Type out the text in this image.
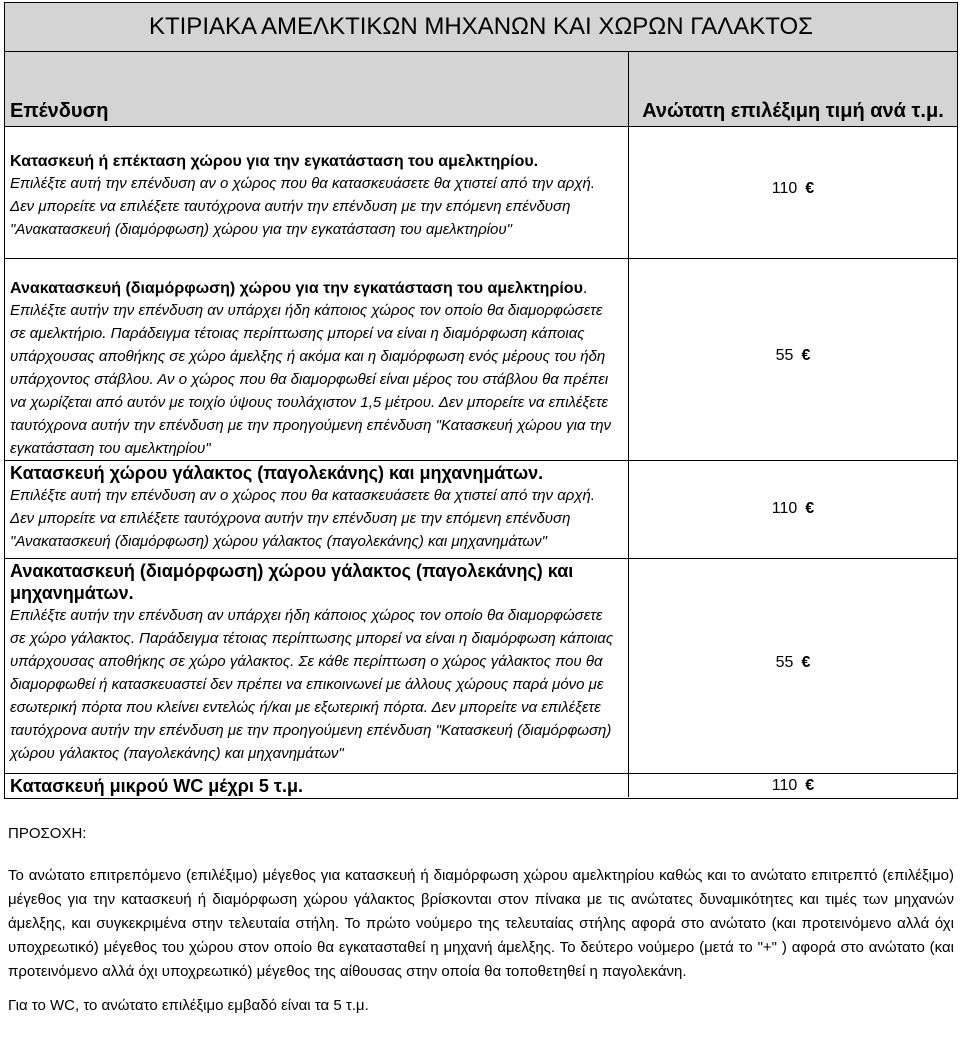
ΚΤΙΡΙΑΚΑ ΑΜΕΛΚΤΙΚΩΝ ΜΗΧΑΝΩΝ ΚΑΙ ΧΩΡΩΝ ΓΑΛΑΚΤΟΣ
Επένδυση	Ανώτατη επιλέξιμη τιμή ανά τ.μ.
Κατασκευή ή επέκταση χώρου για την εγκατάσταση του αμελκτηρίου.
Επιλέξτε αυτή την επένδυση αν ο χώρος που θα κατασκευάσετε θα χτιστεί από την αρχή. Δεν μπορείτε να επιλέξετε ταυτόχρονα αυτήν την επένδυση με την επόμενη επένδυση "Ανακατασκευή (διαμόρφωση) χώρου για την εγκατάσταση του αμελκτηρίου"
110 €
Ανακατασκευή (διαμόρφωση) χώρου για την εγκατάσταση του αμελκτηρίου.
Επιλέξτε αυτήν την επένδυση αν υπάρχει ήδη κάποιος χώρος τον οποίο θα διαμορφώσετε σε αμελκτήριο. Παράδειγμα τέτοιας περίπτωσης μπορεί να είναι η διαμόρφωση κάποιας υπάρχουσας αποθήκης σε χώρο άμελξης ή ακόμα και η διαμόρφωση ενός μέρους του ήδη υπάρχοντος στάβλου. Αν ο χώρος που θα διαμορφωθεί είναι μέρος του στάβλου θα πρέπει να χωρίζεται από αυτόν με τοιχίο ύψους τουλάχιστον 1,5 μέτρου. Δεν μπορείτε να επιλέξετε ταυτόχρονα αυτήν την επένδυση με την προηγούμενη επένδυση "Κατασκευή χώρου για την εγκατάσταση του αμελκτηρίου"
55 €
Κατασκευή χώρου γάλακτος (παγολεκάνης) και μηχανημάτων.
Επιλέξτε αυτή την επένδυση αν ο χώρος που θα κατασκευάσετε θα χτιστεί από την αρχή. Δεν μπορείτε να επιλέξετε ταυτόχρονα αυτήν την επένδυση με την επόμενη επένδυση "Ανακατασκευή (διαμόρφωση) χώρου γάλακτος (παγολεκάνης) και μηχανημάτων"
110 €
Ανακατασκευή (διαμόρφωση) χώρου γάλακτος (παγολεκάνης) και μηχανημάτων.
Επιλέξτε αυτήν την επένδυση αν υπάρχει ήδη κάποιος χώρος τον οποίο θα διαμορφώσετε σε χώρο γάλακτος. Παράδειγμα τέτοιας περίπτωσης μπορεί να είναι η διαμόρφωση κάποιας υπάρχουσας αποθήκης σε χώρο γάλακτος. Σε κάθε περίπτωση ο χώρος γάλακτος που θα διαμορφωθεί ή κατασκευαστεί δεν πρέπει να επικοινωνεί με άλλους χώρους παρά μόνο με εσωτερική πόρτα που κλείνει εντελώς ή/και με εξωτερική πόρτα. Δεν μπορείτε να επιλέξετε ταυτόχρονα αυτήν την επένδυση με την προηγούμενη επένδυση "Κατασκευή (διαμόρφωση) χώρου γάλακτος (παγολεκάνης) και μηχανημάτων"
55 €
Κατασκευή μικρού WC μέχρι 5 τ.μ.	110 €

ΠΡΟΣΟΧΗ:

Το ανώτατο επιτρεπόμενο (επιλέξιμο) μέγεθος για κατασκευή ή διαμόρφωση χώρου αμελκτηρίου καθώς και το ανώτατο επιτρεπτό (επιλέξιμο) μέγεθος για την κατασκευή ή διαμόρφωση χώρου γάλακτος βρίσκονται στον πίνακα με τις ανώτατες δυναμικότητες και τιμές των μηχανών άμελξης, και συγκεκριμένα στην τελευταία στήλη. Το πρώτο νούμερο της τελευταίας στήλης αφορά στο ανώτατο (και προτεινόμενο αλλά όχι υποχρεωτικό) μέγεθος του χώρου στον οποίο θα εγκατασταθεί η μηχανή άμελξης. Το δεύτερο νούμερο (μετά το "+" ) αφορά στο ανώτατο (και προτεινόμενο αλλά όχι υποχρεωτικό) μέγεθος της αίθουσας στην οποία θα τοποθετηθεί η παγολεκάνη.

Για το WC, το ανώτατο επιλέξιμο εμβαδό είναι τα 5 τ.μ.
